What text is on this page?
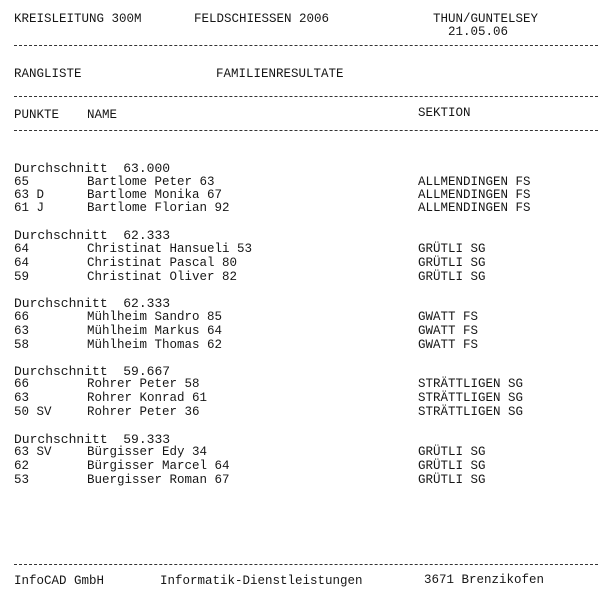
KREISLEITUNG 300M	FELDSCHIESSEN 2006	THUN/GUNTELSEY
21.05.06
RANGLISTE	FAMILIENRESULTATE
PUNKTE NAME	SEKTION
Durchschnitt 63.000
65	Bartlome Peter 63	ALLMENDINGEN FS
63 D	Bartlome Monika 67	ALLMENDINGEN FS
61 J	Bartlome Florian 92	ALLMENDINGEN FS
Durchschnitt 62.333
64	Christinat Hansueli 53	GRÜTLI SG
64	Christinat Pascal 80	GRÜTLI SG
59	Christinat Oliver 82	GRÜTLI SG
Durchschnitt 62.333
66	Mühlheim Sandro 85	GWATT FS
63	Mühlheim Markus 64	GWATT FS
58	Mühlheim Thomas 62	GWATT FS
Durchschnitt 59.667
66	Rohrer Peter 58	STRÄTTLIGEN SG
63	Rohrer Konrad 61	STRÄTTLIGEN SG
50 SV	Rohrer Peter 36	STRÄTTLIGEN SG
Durchschnitt 59.333
63 SV	Bürgisser Edy 34	GRÜTLI SG
62	Bürgisser Marcel 64	GRÜTLI SG
53	Buergisser Roman 67	GRÜTLI SG
InfoCAD GmbH	Informatik-Dienstleistungen	3671 Brenzikofen
